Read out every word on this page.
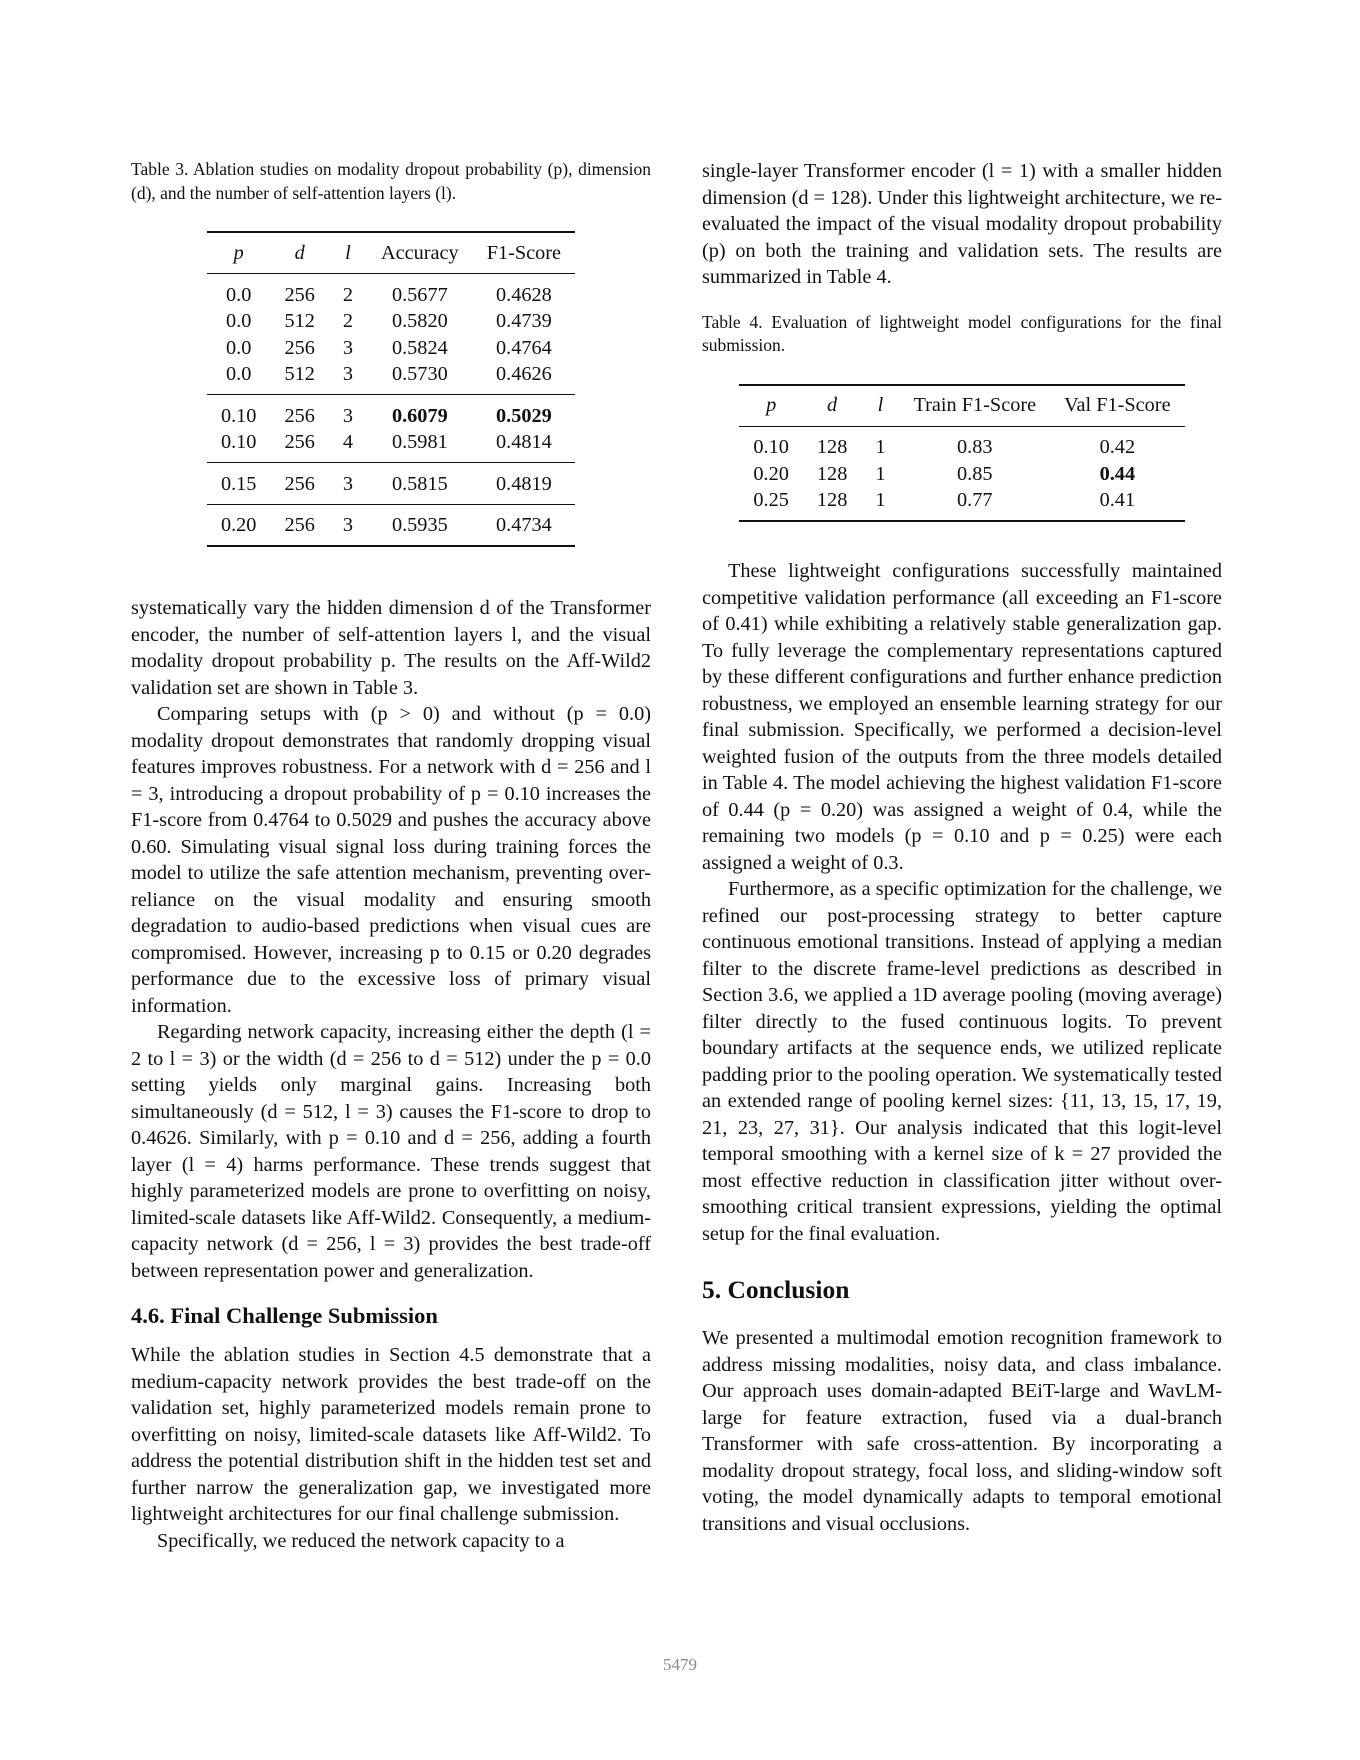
Table 3. Ablation studies on modality dropout probability (p), dimension (d), and the number of self-attention layers (l).

p	d	l	Accuracy	F1-Score
0.0	256	2	0.5677	0.4628
0.0	512	2	0.5820	0.4739
0.0	256	3	0.5824	0.4764
0.0	512	3	0.5730	0.4626
0.10	256	3	0.6079	0.5029
0.10	256	4	0.5981	0.4814
0.15	256	3	0.5815	0.4819
0.20	256	3	0.5935	0.4734

systematically vary the hidden dimension d of the Transformer encoder, the number of self-attention layers l, and the visual modality dropout probability p. The results on the Aff-Wild2 validation set are shown in Table 3.

Comparing setups with (p > 0) and without (p = 0.0) modality dropout demonstrates that randomly dropping visual features improves robustness. For a network with d = 256 and l = 3, introducing a dropout probability of p = 0.10 increases the F1-score from 0.4764 to 0.5029 and pushes the accuracy above 0.60. Simulating visual signal loss during training forces the model to utilize the safe attention mechanism, preventing over-reliance on the visual modality and ensuring smooth degradation to audio-based predictions when visual cues are compromised. However, increasing p to 0.15 or 0.20 degrades performance due to the excessive loss of primary visual information.

Regarding network capacity, increasing either the depth (l = 2 to l = 3) or the width (d = 256 to d = 512) under the p = 0.0 setting yields only marginal gains. Increasing both simultaneously (d = 512, l = 3) causes the F1-score to drop to 0.4626. Similarly, with p = 0.10 and d = 256, adding a fourth layer (l = 4) harms performance. These trends suggest that highly parameterized models are prone to overfitting on noisy, limited-scale datasets like Aff-Wild2. Consequently, a medium-capacity network (d = 256, l = 3) provides the best trade-off between representation power and generalization.

4.6. Final Challenge Submission

While the ablation studies in Section 4.5 demonstrate that a medium-capacity network provides the best trade-off on the validation set, highly parameterized models remain prone to overfitting on noisy, limited-scale datasets like Aff-Wild2. To address the potential distribution shift in the hidden test set and further narrow the generalization gap, we investigated more lightweight architectures for our final challenge submission.

Specifically, we reduced the network capacity to a

single-layer Transformer encoder (l = 1) with a smaller hidden dimension (d = 128). Under this lightweight architecture, we re-evaluated the impact of the visual modality dropout probability (p) on both the training and validation sets. The results are summarized in Table 4.

Table 4. Evaluation of lightweight model configurations for the final submission.

p	d	l	Train F1-Score	Val F1-Score
0.10	128	1	0.83	0.42
0.20	128	1	0.85	0.44
0.25	128	1	0.77	0.41

These lightweight configurations successfully maintained competitive validation performance (all exceeding an F1-score of 0.41) while exhibiting a relatively stable generalization gap. To fully leverage the complementary representations captured by these different configurations and further enhance prediction robustness, we employed an ensemble learning strategy for our final submission. Specifically, we performed a decision-level weighted fusion of the outputs from the three models detailed in Table 4. The model achieving the highest validation F1-score of 0.44 (p = 0.20) was assigned a weight of 0.4, while the remaining two models (p = 0.10 and p = 0.25) were each assigned a weight of 0.3.

Furthermore, as a specific optimization for the challenge, we refined our post-processing strategy to better capture continuous emotional transitions. Instead of applying a median filter to the discrete frame-level predictions as described in Section 3.6, we applied a 1D average pooling (moving average) filter directly to the fused continuous logits. To prevent boundary artifacts at the sequence ends, we utilized replicate padding prior to the pooling operation. We systematically tested an extended range of pooling kernel sizes: {11, 13, 15, 17, 19, 21, 23, 27, 31}. Our analysis indicated that this logit-level temporal smoothing with a kernel size of k = 27 provided the most effective reduction in classification jitter without over-smoothing critical transient expressions, yielding the optimal setup for the final evaluation.

5. Conclusion

We presented a multimodal emotion recognition framework to address missing modalities, noisy data, and class imbalance. Our approach uses domain-adapted BEiT-large and WavLM-large for feature extraction, fused via a dual-branch Transformer with safe cross-attention. By incorporating a modality dropout strategy, focal loss, and sliding-window soft voting, the model dynamically adapts to temporal emotional transitions and visual occlusions.

5479
